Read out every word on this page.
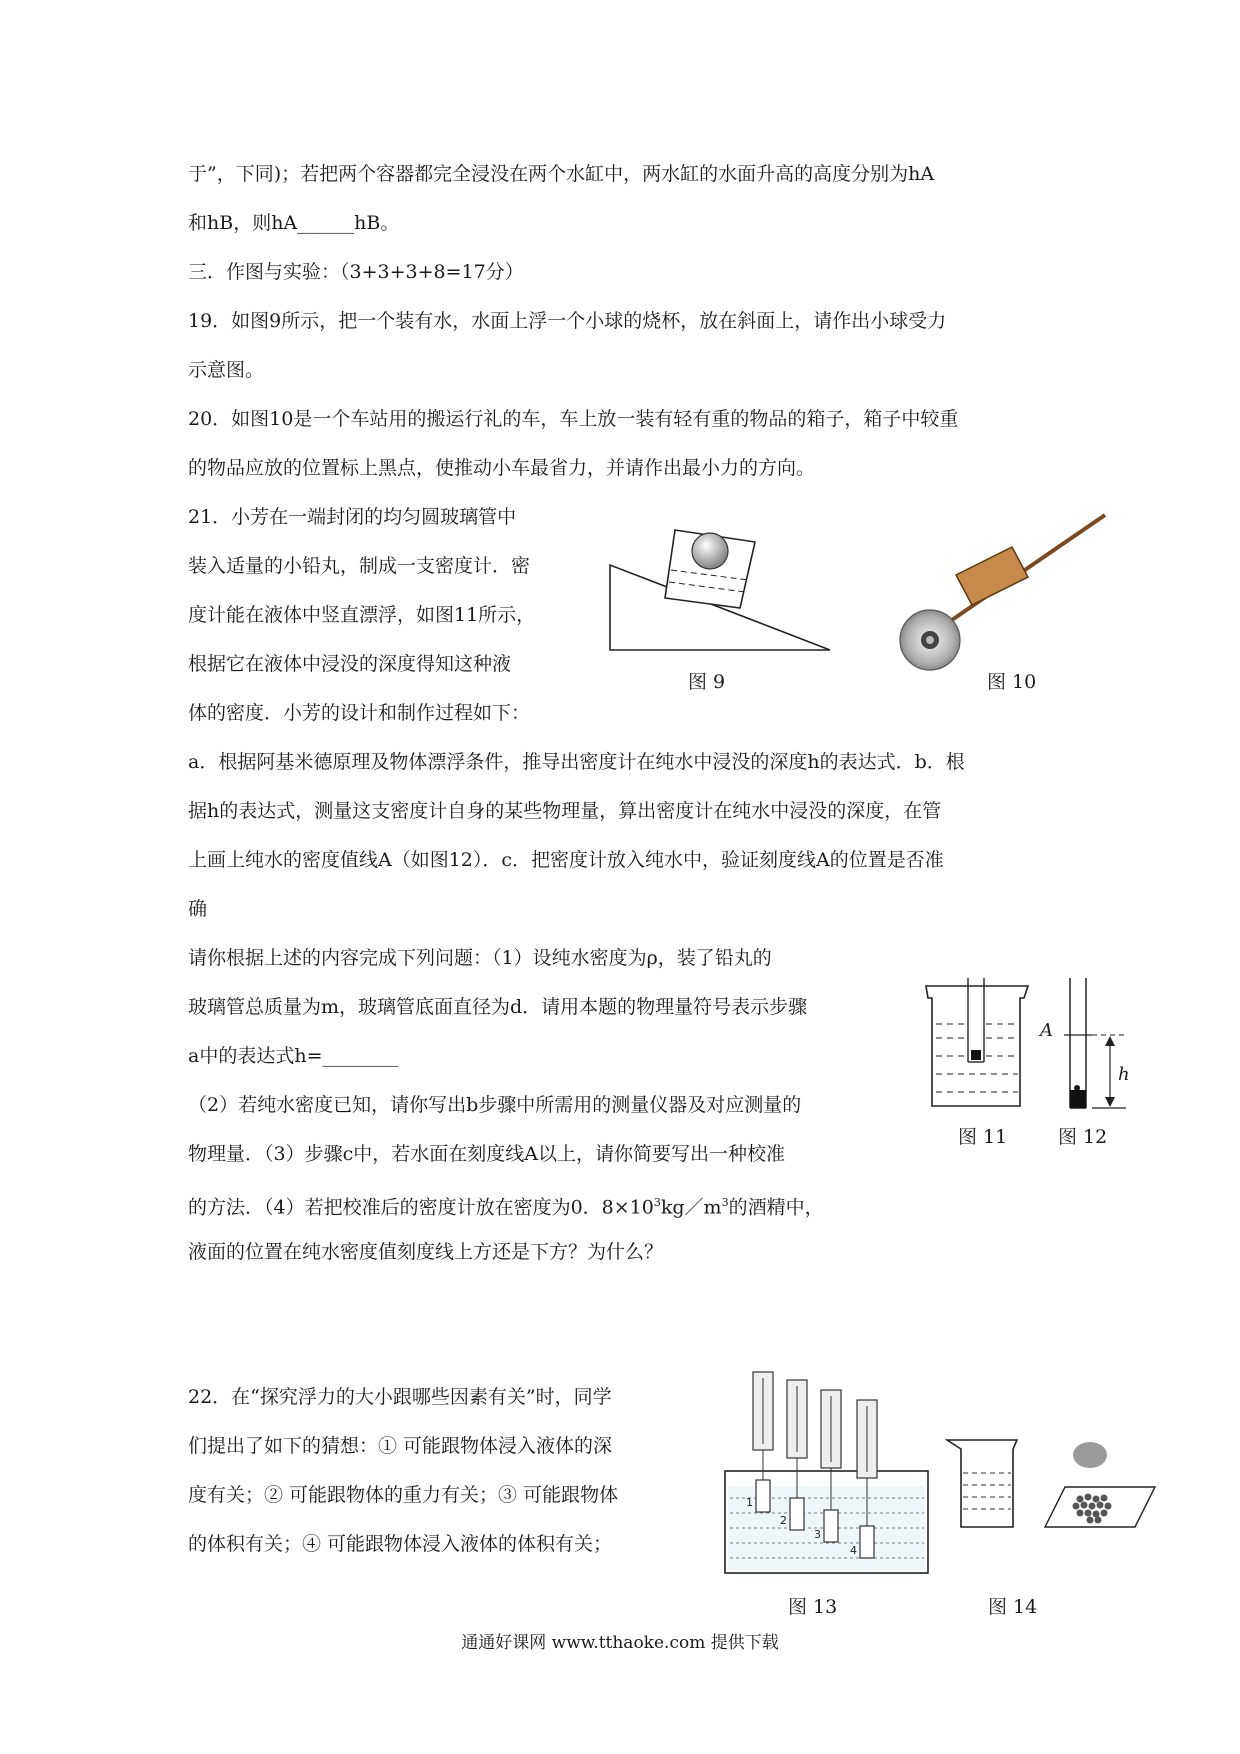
于”，下同)；若把两个容器都完全浸没在两个水缸中，两水缸的水面升高的高度分别为hA
和hB，则hA______hB。
三．作图与实验：（3+3+3+8=17分）
19．如图9所示，把一个装有水，水面上浮一个小球的烧杯，放在斜面上，请作出小球受力
示意图。
20．如图10是一个车站用的搬运行礼的车，车上放一装有轻有重的物品的箱子，箱子中较重
的物品应放的位置标上黑点，使推动小车最省力，并请作出最小力的方向。
21．小芳在一端封闭的均匀圆玻璃管中
装入适量的小铅丸，制成一支密度计．密
度计能在液体中竖直漂浮，如图11所示，
根据它在液体中浸没的深度得知这种液
体的密度．小芳的设计和制作过程如下：
a．根据阿基米德原理及物体漂浮条件，推导出密度计在纯水中浸没的深度h的表达式．b．根
据h的表达式，测量这支密度计自身的某些物理量，算出密度计在纯水中浸没的深度，在管
上画上纯水的密度值线A（如图12）．c．把密度计放入纯水中，验证刻度线A的位置是否准
确
请你根据上述的内容完成下列问题：（1）设纯水密度为ρ，装了铅丸的
玻璃管总质量为m，玻璃管底面直径为d．请用本题的物理量符号表示步骤
a中的表达式h=________
（2）若纯水密度已知，请你写出b步骤中所需用的测量仪器及对应测量的
物理量．（3）步骤c中，若水面在刻度线A以上，请你简要写出一种校准
的方法．（4）若把校准后的密度计放在密度为0．$8\times 10^3kg/m^3$的酒精中，
液面的位置在纯水密度值刻度线上方还是下方？为什么？
22．在“探究浮力的大小跟哪些因素有关”时，同学
们提出了如下的猜想：① 可能跟物体浸入液体的深
度有关；② 可能跟物体的重力有关；③ 可能跟物体
的体积有关；④ 可能跟物体浸入液体的体积有关；
图 9	图 10
图 11
A
h
图 12
1
2
3
4
图 13	图 14
通通好课网 www.tthaoke.com 提供下载
